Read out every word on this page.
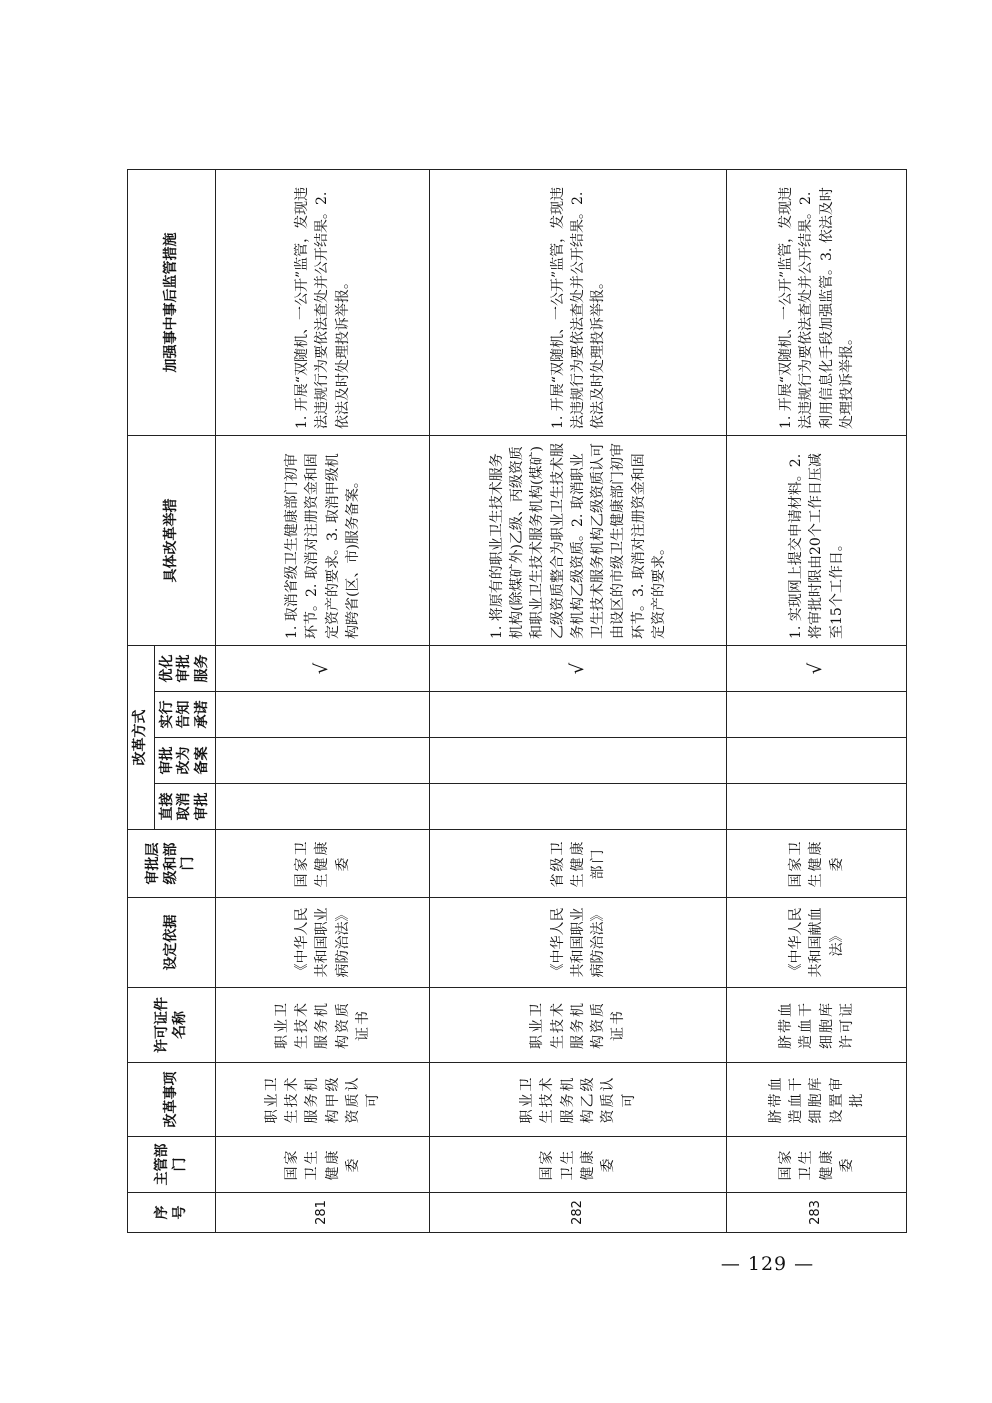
序号	主管部门	改革事项	许可证件名称	设定依据	审批层级和部门	改革方式				具体改革举措	加强事中事后监管措施
						直接取消审批	审批改为备案	实行告知承诺	优化审批服务		
281	国家卫生健康委	职业卫生技术服务机构甲级资质认可	职业卫生技术服务机构资质证书	《中华人民共和国职业病防治法》	国家卫生健康委				√	1. 取消省级卫生健康部门初审环节。2. 取消对注册资金和固定资产的要求。3. 取消甲级机构跨省(区、市)服务备案。	1. 开展“双随机、一公开”监管，发现违法违规行为要依法查处并公开结果。2. 依法及时处理投诉举报。
282	国家卫生健康委	职业卫生技术服务机构乙级资质认可	职业卫生技术服务机构资质证书	《中华人民共和国职业病防治法》	省级卫生健康部门				√	1. 将原有的职业卫生技术服务机构(除煤矿外)乙级、丙级资质和职业卫生技术服务机构(煤矿)乙级资质整合为职业卫生技术服务机构乙级资质。2. 取消职业卫生技术服务机构乙级资质认可由设区的市级卫生健康部门初审环节。3. 取消对注册资金和固定资产的要求。	1. 开展“双随机、一公开”监管，发现违法违规行为要依法查处并公开结果。2. 依法及时处理投诉举报。
283	国家卫生健康委	脐带血造血干细胞库设置审批	脐带血造血干细胞库许可证	《中华人民共和国献血法》	国家卫生健康委				√	1. 实现网上提交申请材料。2. 将审批时限由20个工作日压减至15个工作日。	1. 开展“双随机、一公开”监管，发现违法违规行为要依法查处并公开结果。2. 利用信息化手段加强监管。3. 依法及时处理投诉举报。
— 129 —
